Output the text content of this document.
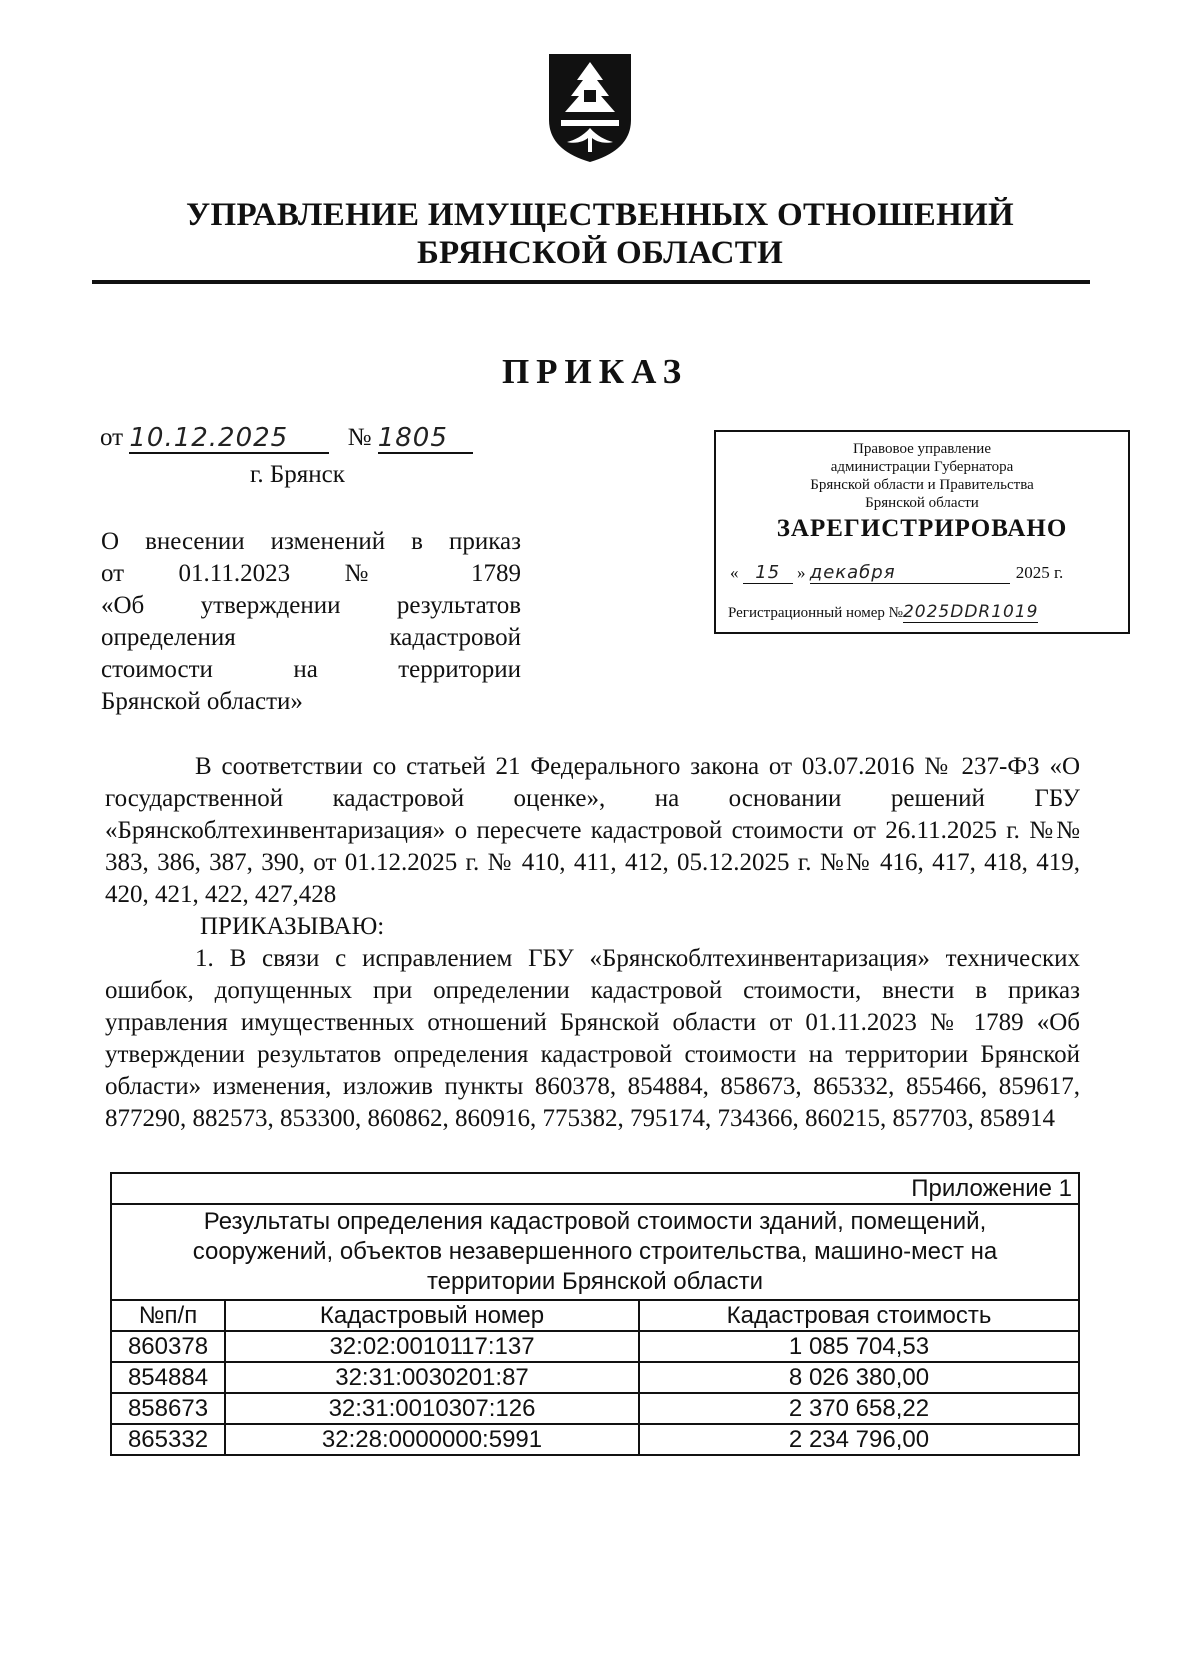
УПРАВЛЕНИЕ ИМУЩЕСТВЕННЫХ ОТНОШЕНИЙ
БРЯНСКОЙ ОБЛАСТИ
ПРИКАЗ
от 10.12.2025 № 1805
г. Брянск
О внесении изменений в приказ
от 01.11.2023 № 1789
«Об утверждении результатов
определения кадастровой
стоимости на территории
Брянской области»
Правовое управление
администрации Губернатора
Брянской области и Правительства
Брянской области
ЗАРЕГИСТРИРОВАНО
« 15 » декабря	2025 г.
Регистрационный номер №2025DDR1019

В соответствии со статьей 21 Федерального закона от 03.07.2016 № 237-ФЗ «О государственной кадастровой оценке», на основании решений ГБУ «Брянскоблтехинвентаризация» о пересчете кадастровой стоимости от 26.11.2025 г. №№ 383, 386, 387, 390, от 01.12.2025 г. № 410, 411, 412, 05.12.2025 г. №№ 416, 417, 418, 419, 420, 421, 422, 427,428

ПРИКАЗЫВАЮ:

1. В связи с исправлением ГБУ «Брянскоблтехинвентаризация» технических ошибок, допущенных при определении кадастровой стоимости, внести в приказ управления имущественных отношений Брянской области от 01.11.2023 № 1789 «Об утверждении результатов определения кадастровой стоимости на территории Брянской области» изменения, изложив пункты 860378, 854884, 858673, 865332, 855466, 859617, 877290, 882573, 853300, 860862, 860916, 775382, 795174, 734366, 860215, 857703, 858914

Приложение 1		
Результаты определения кадастровой стоимости зданий, помещений, сооружений, объектов незавершенного строительства, машино-мест на территории Брянской области		
№п/п	Кадастровый номер	Кадастровая стоимость
860378	32:02:0010117:137	1 085 704,53
854884	32:31:0030201:87	8 026 380,00
858673	32:31:0010307:126	2 370 658,22
865332	32:28:0000000:5991	2 234 796,00
